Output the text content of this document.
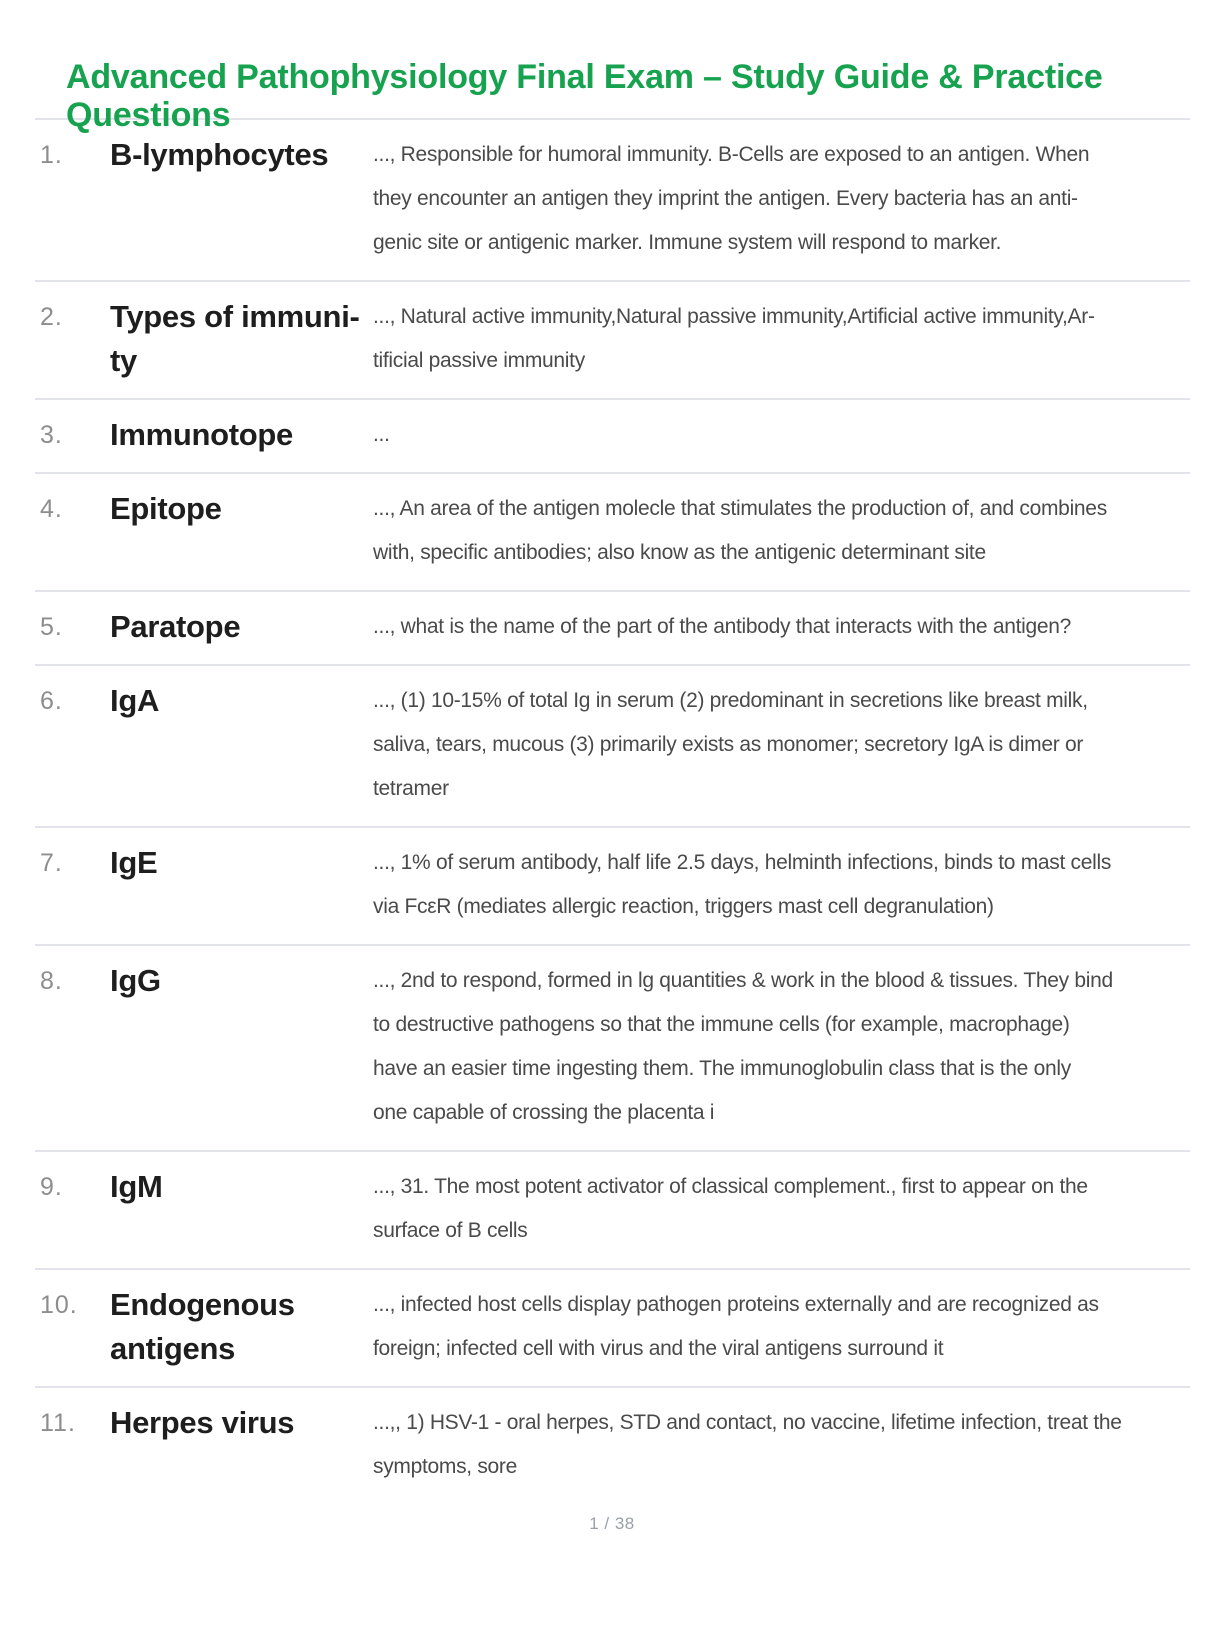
Advanced Pathophysiology Final Exam – Study Guide & Practice
Questions
1.	B-lymphocytes	..., Responsible for humoral immunity. B-Cells are exposed to an antigen. When
they encounter an antigen they imprint the antigen. Every bacteria has an anti-
genic site or antigenic marker. Immune system will respond to marker.
2.	Types of immuni-
ty
..., Natural active immunity,Natural passive immunity,Artificial active immunity,Ar-
tificial passive immunity
3.	Immunotope	...
4.	Epitope	..., An area of the antigen molecle that stimulates the production of, and combines
with, specific antibodies; also know as the antigenic determinant site
5.	Paratope	..., what is the name of the part of the antibody that interacts with the antigen?
6.	IgA	..., (1) 10-15% of total Ig in serum (2) predominant in secretions like breast milk,
saliva, tears, mucous (3) primarily exists as monomer; secretory IgA is dimer or
tetramer
7.	IgE	..., 1% of serum antibody, half life 2.5 days, helminth infections, binds to mast cells
via FcεR (mediates allergic reaction, triggers mast cell degranulation)
8.	IgG	..., 2nd to respond, formed in lg quantities & work in the blood & tissues. They bind
to destructive pathogens so that the immune cells (for example, macrophage)
have an easier time ingesting them. The immunoglobulin class that is the only
one capable of crossing the placenta i
9.	IgM	..., 31. The most potent activator of classical complement., first to appear on the
surface of B cells
10.	Endogenous
antigens
..., infected host cells display pathogen proteins externally and are recognized as
foreign; infected cell with virus and the viral antigens surround it
11.	Herpes virus	...,, 1) HSV-1 - oral herpes, STD and contact, no vaccine, lifetime infection, treat the
symptoms, sore
1 / 38
